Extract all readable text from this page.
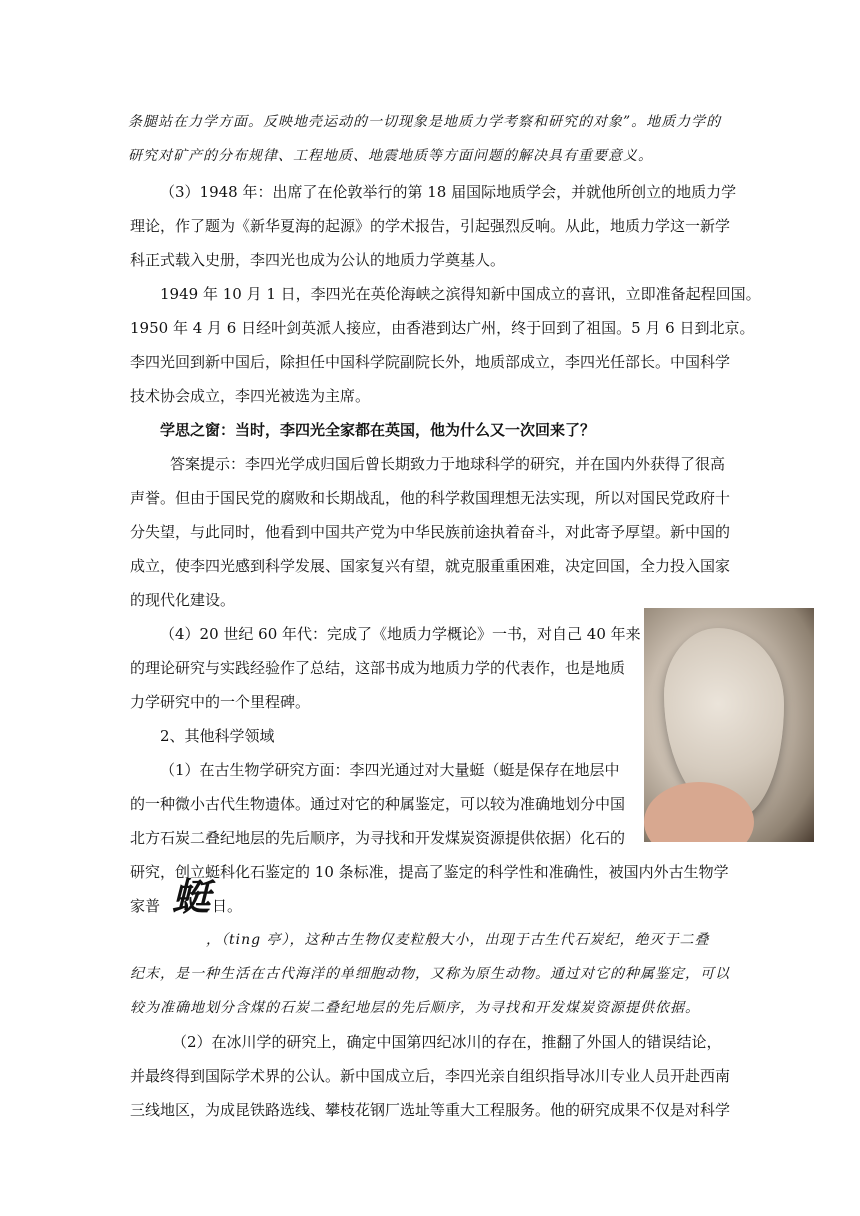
条腿站在力学方面。反映地壳运动的一切现象是地质力学考察和研究的对象”。地质力学的
研究对矿产的分布规律、工程地质、地震地质等方面问题的解决具有重要意义。
（3）1948 年：出席了在伦敦举行的第 18 届国际地质学会，并就他所创立的地质力学
理论，作了题为《新华夏海的起源》的学术报告，引起强烈反响。从此，地质力学这一新学
科正式载入史册，李四光也成为公认的地质力学奠基人。
1949 年 10 月 1 日，李四光在英伦海峡之滨得知新中国成立的喜讯，立即准备起程回国。
1950 年 4 月 6 日经叶剑英派人接应，由香港到达广州，终于回到了祖国。5 月 6 日到北京。
李四光回到新中国后，除担任中国科学院副院长外，地质部成立，李四光任部长。中国科学
技术协会成立，李四光被选为主席。
学思之窗：当时，李四光全家都在英国，他为什么又一次回来了？
答案提示：李四光学成归国后曾长期致力于地球科学的研究，并在国内外获得了很高
声誉。但由于国民党的腐败和长期战乱，他的科学救国理想无法实现，所以对国民党政府十
分失望，与此同时，他看到中国共产党为中华民族前途执着奋斗，对此寄予厚望。新中国的
成立，使李四光感到科学发展、国家复兴有望，就克服重重困难，决定回国，全力投入国家
的现代化建设。
（4）20 世纪 60 年代：完成了《地质力学概论》一书，对自己 40 年来
的理论研究与实践经验作了总结，这部书成为地质力学的代表作，也是地质
力学研究中的一个里程碑。
2、其他科学领域
（1）在古生物学研究方面：李四光通过对大量蜓（蜓是保存在地层中
的一种微小古代生物遗体。通过对它的种属鉴定，可以较为准确地划分中国
北方石炭二叠纪地层的先后顺序，为寻找和开发煤炭资源提供依据）化石的
研究，创立蜓科化石鉴定的 10 条标准，提高了鉴定的科学性和准确性，被国内外古生物学
家普 蜓 日。
，（ting 亭），这种古生物仅麦粒般大小，出现于古生代石炭纪，绝灭于二叠
纪末，是一种生活在古代海洋的单细胞动物，又称为原生动物。通过对它的种属鉴定，可以
较为准确地划分含煤的石炭二叠纪地层的先后顺序，为寻找和开发煤炭资源提供依据。
（2）在冰川学的研究上，确定中国第四纪冰川的存在，推翻了外国人的错误结论，
并最终得到国际学术界的公认。新中国成立后，李四光亲自组织指导冰川专业人员开赴西南
三线地区，为成昆铁路选线、攀枝花钢厂选址等重大工程服务。他的研究成果不仅是对科学
